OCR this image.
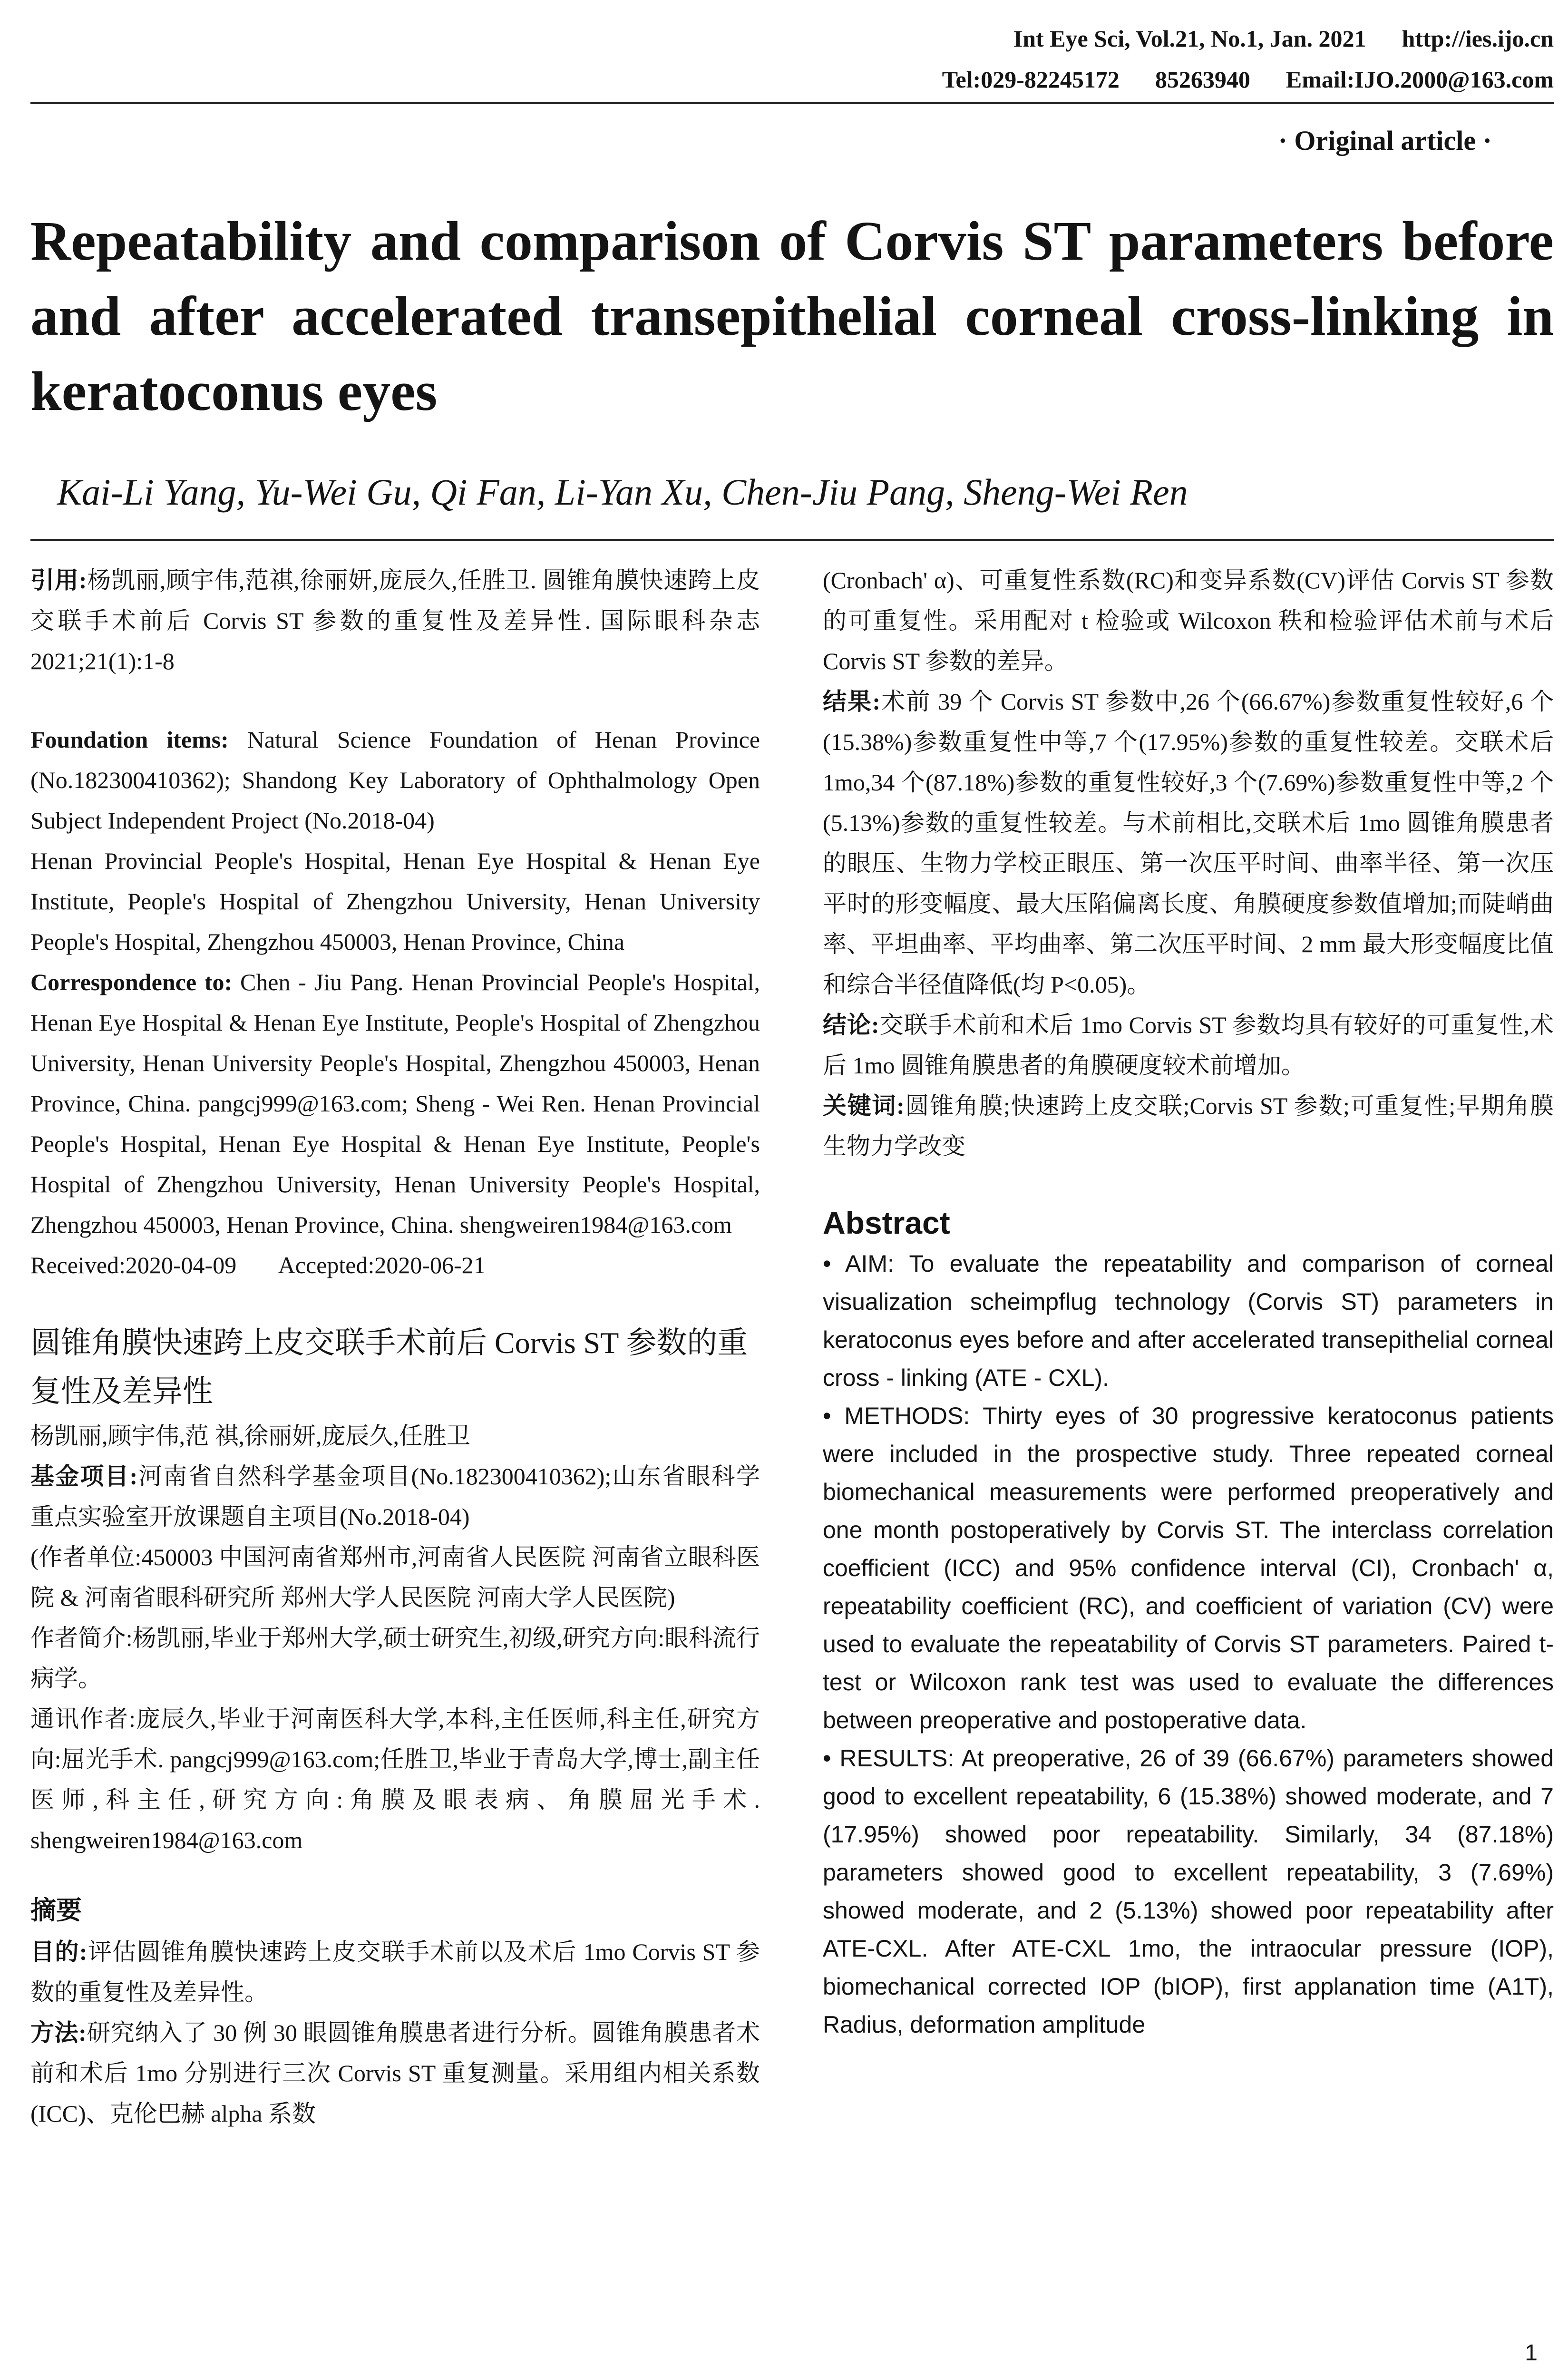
Int Eye Sci, Vol.21, No.1, Jan. 2021 http://ies.ijo.cn
Tel:029-82245172 85263940 Email:IJO.2000@163.com
· Original article ·
Repeatability and comparison of Corvis ST parameters before and after accelerated transepithelial corneal cross-linking in keratoconus eyes
Kai-Li Yang, Yu-Wei Gu, Qi Fan, Li-Yan Xu, Chen-Jiu Pang, Sheng-Wei Ren

引用:杨凯丽,顾宇伟,范祺,徐丽妍,庞辰久,任胜卫. 圆锥角膜快速跨上皮交联手术前后 Corvis ST 参数的重复性及差异性. 国际眼科杂志 2021;21(1):1-8

Foundation items: Natural Science Foundation of Henan Province (No.182300410362); Shandong Key Laboratory of Ophthalmology Open Subject Independent Project (No.2018-04)

Henan Provincial People's Hospital, Henan Eye Hospital & Henan Eye Institute, People's Hospital of Zhengzhou University, Henan University People's Hospital, Zhengzhou 450003, Henan Province, China

Correspondence to: Chen - Jiu Pang. Henan Provincial People's Hospital, Henan Eye Hospital & Henan Eye Institute, People's Hospital of Zhengzhou University, Henan University People's Hospital, Zhengzhou 450003, Henan Province, China. pangcj999@163.com; Sheng - Wei Ren. Henan Provincial People's Hospital, Henan Eye Hospital & Henan Eye Institute, People's Hospital of Zhengzhou University, Henan University People's Hospital, Zhengzhou 450003, Henan Province, China. shengweiren1984@163.com

Received:2020-04-09 Accepted:2020-06-21

圆锥角膜快速跨上皮交联手术前后 Corvis ST 参数的重复性及差异性

杨凯丽,顾宇伟,范 祺,徐丽妍,庞辰久,任胜卫

基金项目:河南省自然科学基金项目(No.182300410362);山东省眼科学重点实验室开放课题自主项目(No.2018-04)

(作者单位:450003 中国河南省郑州市,河南省人民医院 河南省立眼科医院 & 河南省眼科研究所 郑州大学人民医院 河南大学人民医院)

作者简介:杨凯丽,毕业于郑州大学,硕士研究生,初级,研究方向:眼科流行病学。

通讯作者:庞辰久,毕业于河南医科大学,本科,主任医师,科主任,研究方向:屈光手术. pangcj999@163.com;任胜卫,毕业于青岛大学,博士,副主任医师,科主任,研究方向:角膜及眼表病、角膜屈光手术. shengweiren1984@163.com

摘要

目的:评估圆锥角膜快速跨上皮交联手术前以及术后 1mo Corvis ST 参数的重复性及差异性。

方法:研究纳入了 30 例 30 眼圆锥角膜患者进行分析。圆锥角膜患者术前和术后 1mo 分别进行三次 Corvis ST 重复测量。采用组内相关系数(ICC)、克伦巴赫 alpha 系数

(Cronbach' α)、可重复性系数(RC)和变异系数(CV)评估 Corvis ST 参数的可重复性。采用配对 t 检验或 Wilcoxon 秩和检验评估术前与术后 Corvis ST 参数的差异。

结果:术前 39 个 Corvis ST 参数中,26 个(66.67%)参数重复性较好,6 个(15.38%)参数重复性中等,7 个(17.95%)参数的重复性较差。交联术后 1mo,34 个(87.18%)参数的重复性较好,3 个(7.69%)参数重复性中等,2 个(5.13%)参数的重复性较差。与术前相比,交联术后 1mo 圆锥角膜患者的眼压、生物力学校正眼压、第一次压平时间、曲率半径、第一次压平时的形变幅度、最大压陷偏离长度、角膜硬度参数值增加;而陡峭曲率、平坦曲率、平均曲率、第二次压平时间、2 mm 最大形变幅度比值和综合半径值降低(均 P<0.05)。

结论:交联手术前和术后 1mo Corvis ST 参数均具有较好的可重复性,术后 1mo 圆锥角膜患者的角膜硬度较术前增加。

关键词:圆锥角膜;快速跨上皮交联;Corvis ST 参数;可重复性;早期角膜生物力学改变

Abstract

• AIM: To evaluate the repeatability and comparison of corneal visualization scheimpflug technology (Corvis ST) parameters in keratoconus eyes before and after accelerated transepithelial corneal cross - linking (ATE - CXL).

• METHODS: Thirty eyes of 30 progressive keratoconus patients were included in the prospective study. Three repeated corneal biomechanical measurements were performed preoperatively and one month postoperatively by Corvis ST. The interclass correlation coefficient (ICC) and 95% confidence interval (CI), Cronbach' α, repeatability coefficient (RC), and coefficient of variation (CV) were used to evaluate the repeatability of Corvis ST parameters. Paired t-test or Wilcoxon rank test was used to evaluate the differences between preoperative and postoperative data.

• RESULTS: At preoperative, 26 of 39 (66.67%) parameters showed good to excellent repeatability, 6 (15.38%) showed moderate, and 7 (17.95%) showed poor repeatability. Similarly, 34 (87.18%) parameters showed good to excellent repeatability, 3 (7.69%) showed moderate, and 2 (5.13%) showed poor repeatability after ATE-CXL. After ATE-CXL 1mo, the intraocular pressure (IOP), biomechanical corrected IOP (bIOP), first applanation time (A1T), Radius, deformation amplitude

1
